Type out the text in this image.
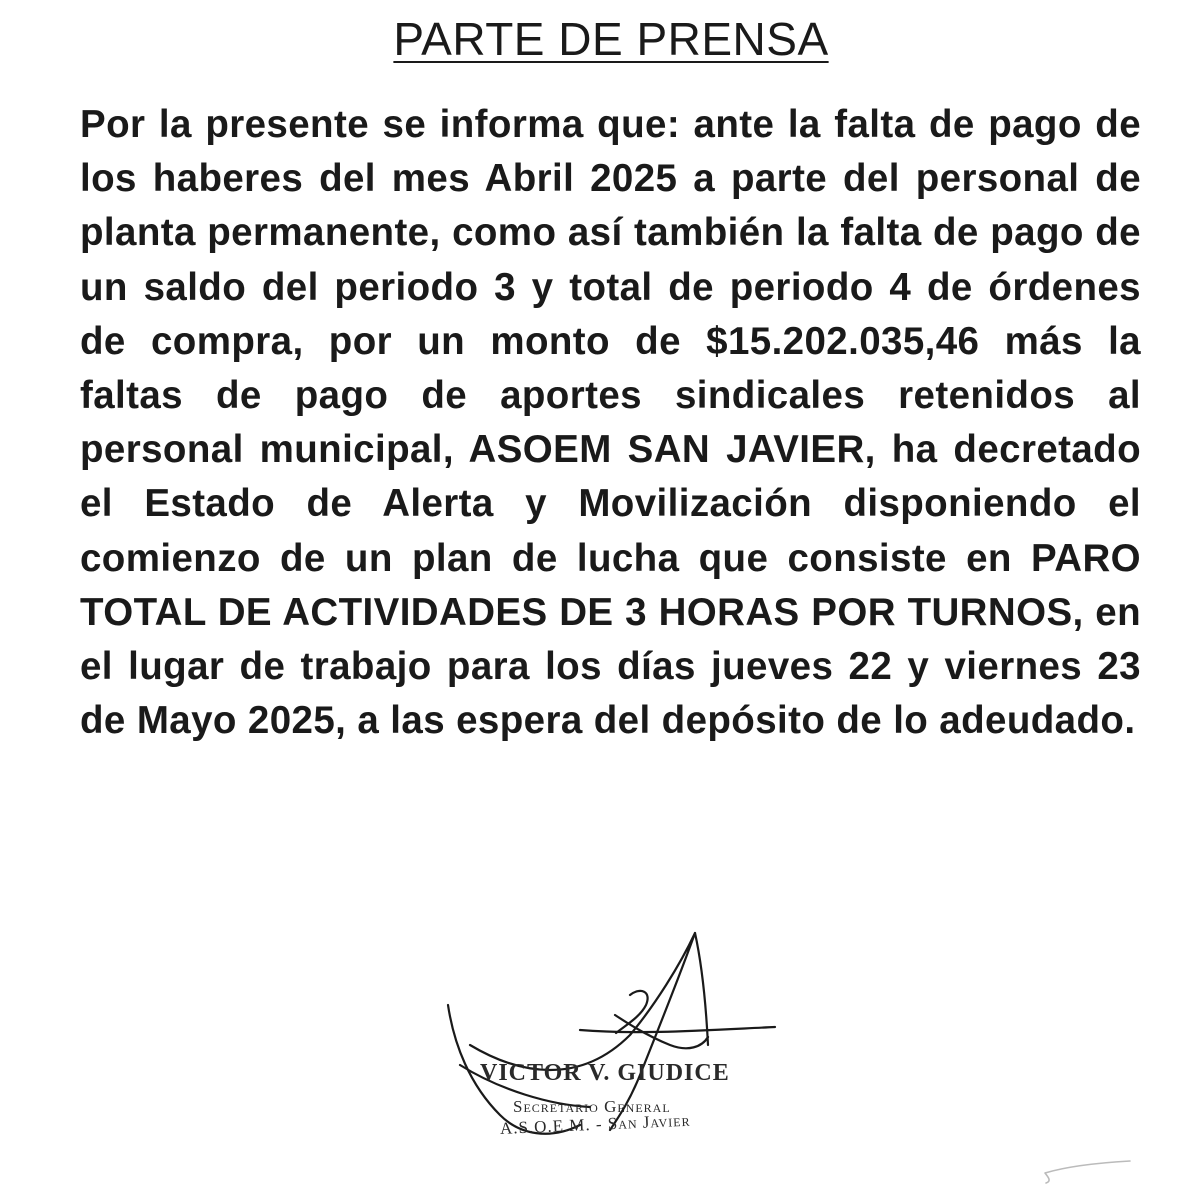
PARTE DE PRENSA

Por la presente se informa que: ante la falta de pago de los haberes del mes Abril 2025 a parte del personal de planta permanente, como así también la falta de pago de un saldo del periodo 3 y total de periodo 4 de órdenes de compra, por un monto de $15.202.035,46 más la faltas de pago de aportes sindicales retenidos al personal municipal, ASOEM SAN JAVIER, ha decretado el Estado de Alerta y Movilización disponiendo el comienzo de un plan de lucha que consiste en PARO TOTAL DE ACTIVIDADES DE 3 HORAS POR TURNOS, en el lugar de trabajo para los días jueves 22 y viernes 23 de Mayo 2025, a las espera del depósito de lo adeudado.

VICTOR V. GIUDICE
Secretario General
A.S.O.E.M. - San Javier
